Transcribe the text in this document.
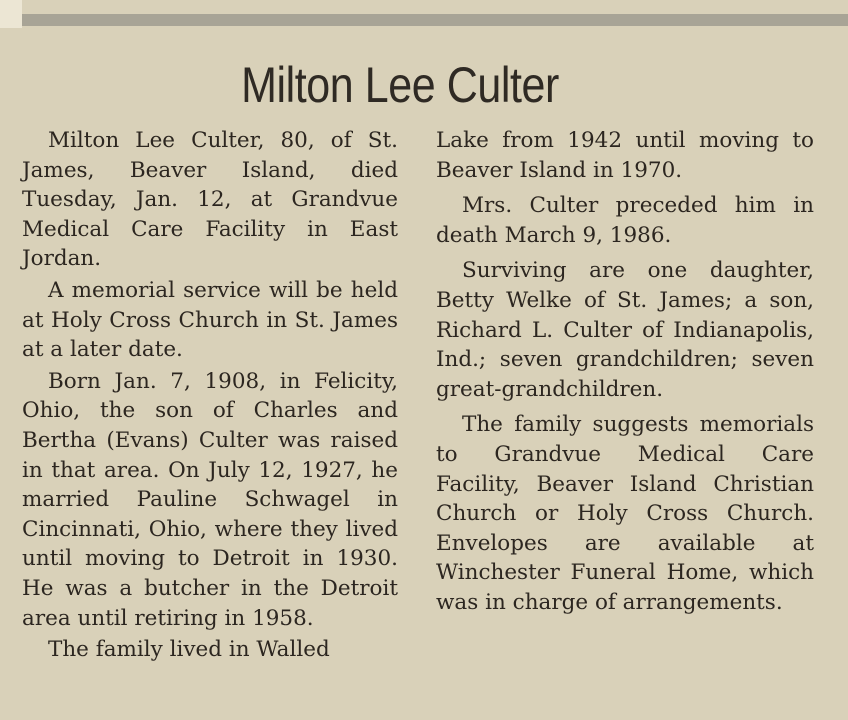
Milton Lee Culter

Milton Lee Culter, 80, of St. James, Beaver Island, died Tuesday, Jan. 12, at Grandvue Medical Care Facility in East Jordan.

A memorial service will be held at Holy Cross Church in St. James at a later date.

Born Jan. 7, 1908, in Felicity, Ohio, the son of Charles and Bertha (Evans) Culter was raised in that area. On July 12, 1927, he married Pauline Schwagel in Cincinnati, Ohio, where they lived until moving to Detroit in 1930. He was a butcher in the Detroit area until retiring in 1958.

The family lived in Walled

Lake from 1942 until moving to Beaver Island in 1970.

Mrs. Culter preceded him in death March 9, 1986.

Surviving are one daughter, Betty Welke of St. James; a son, Richard L. Culter of Indianapolis, Ind.; seven grandchildren; seven great-grandchildren.

The family suggests memorials to Grandvue Medical Care Facility, Beaver Island Christian Church or Holy Cross Church. Envelopes are available at Winchester Funeral Home, which was in charge of arrangements.
